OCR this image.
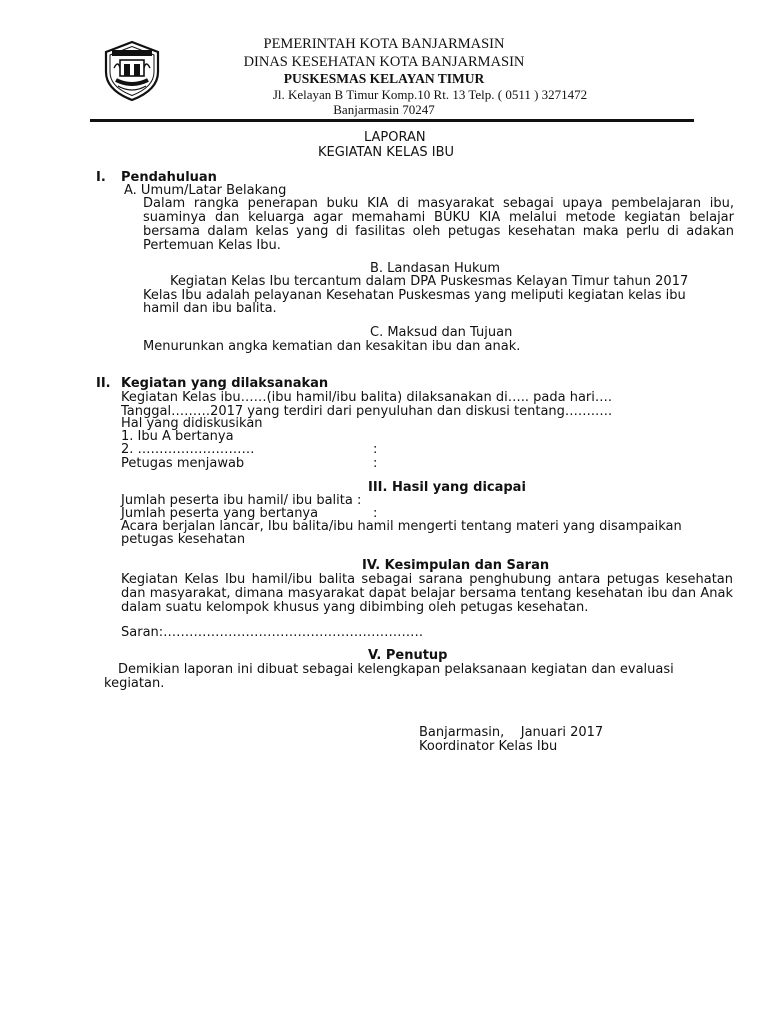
PEMERINTAH KOTA BANJARMASIN
DINAS KESEHATAN KOTA BANJARMASIN
PUSKESMAS KELAYAN TIMUR
Jl. Kelayan B Timur Komp.10 Rt. 13 Telp. ( 0511 ) 3271472
Banjarmasin 70247
LAPORAN
KEGIATAN KELAS IBU
I. Pendahuluan
A. Umum/Latar Belakang
Dalam rangka penerapan buku KIA di masyarakat sebagai upaya pembelajaran ibu, suaminya dan keluarga agar memahami BUKU KIA melalui metode kegiatan belajar bersama dalam kelas yang di fasilitas oleh petugas kesehatan maka perlu di adakan Pertemuan Kelas Ibu.
B. Landasan Hukum
Kegiatan Kelas Ibu tercantum dalam DPA Puskesmas Kelayan Timur tahun 2017
Kelas Ibu adalah pelayanan Kesehatan Puskesmas yang meliputi kegiatan kelas ibu
hamil dan ibu balita.
C. Maksud dan Tujuan
Menurunkan angka kematian dan kesakitan ibu dan anak.
II. Kegiatan yang dilaksanakan
Kegiatan Kelas ibu……(ibu hamil/ibu balita) dilaksanakan di….. pada hari….
Tanggal………2017 yang terdiri dari penyuluhan dan diskusi tentang…….….
Hal yang didiskusikan
1. Ibu A bertanya
2. ………………………	:
Petugas menjawab	:
III. Hasil yang dicapai
Jumlah peserta ibu hamil/ ibu balita :
Jumlah peserta yang bertanya	:
Acara berjalan lancar, Ibu balita/ibu hamil mengerti tentang materi yang disampaikan
petugas kesehatan
IV. Kesimpulan dan Saran
Kegiatan Kelas Ibu hamil/ibu balita sebagai sarana penghubung antara petugas kesehatan dan masyarakat, dimana masyarakat dapat belajar bersama tentang kesehatan ibu dan Anak dalam suatu kelompok khusus yang dibimbing oleh petugas kesehatan.
Saran:……………………………………………………
V. Penutup
Demikian laporan ini dibuat sebagai kelengkapan pelaksanaan kegiatan dan evaluasi
kegiatan.
Banjarmasin,    Januari 2017
Koordinator Kelas Ibu
